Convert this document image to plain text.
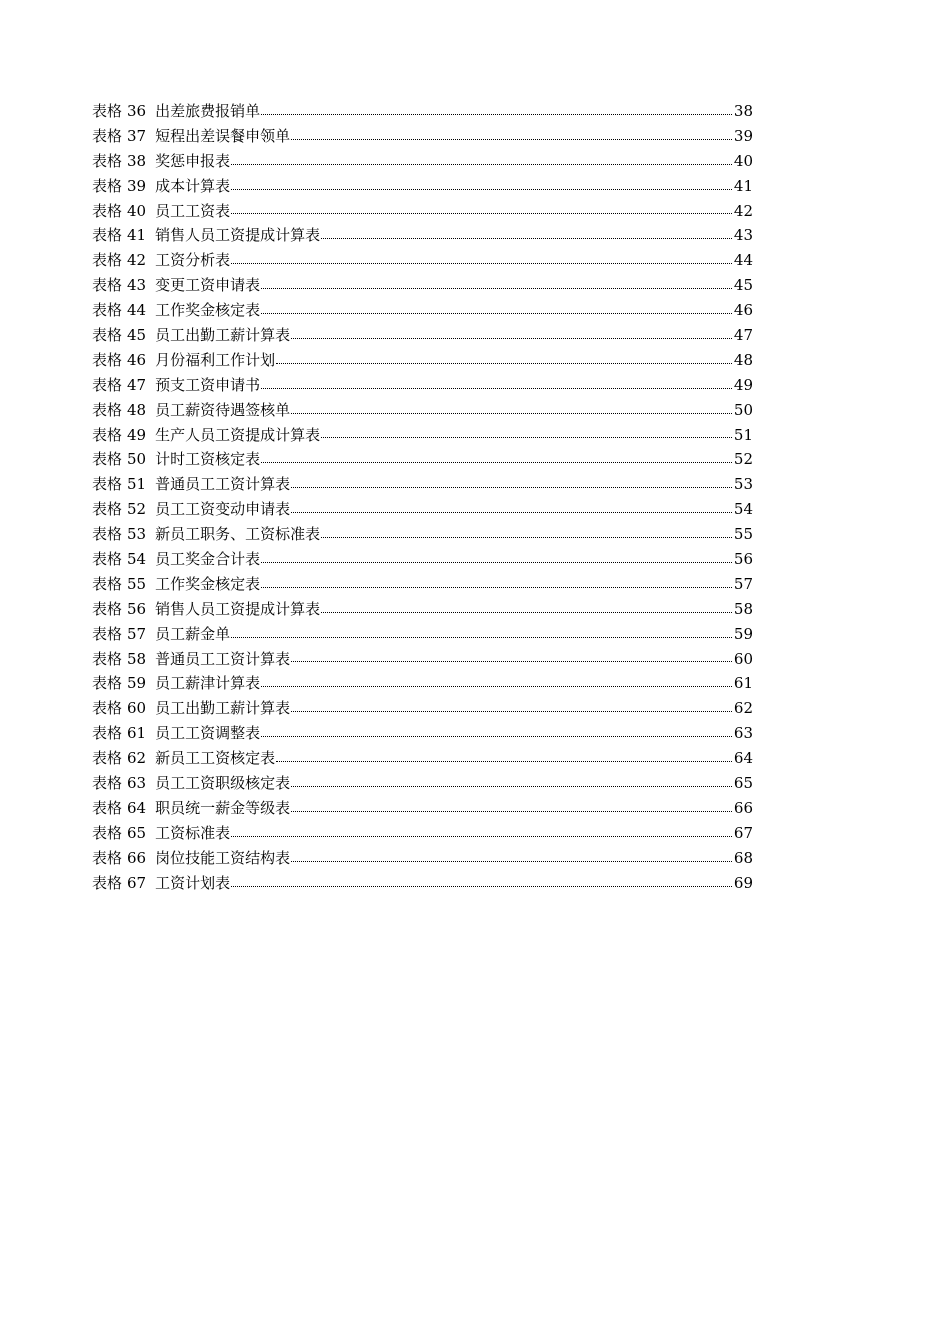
表格 36 出差旅费报销单	38
表格 37 短程出差误餐申领单	39
表格 38 奖惩申报表	40
表格 39 成本计算表	41
表格 40 员工工资表	42
表格 41 销售人员工资提成计算表	43
表格 42 工资分析表	44
表格 43 变更工资申请表	45
表格 44 工作奖金核定表	46
表格 45 员工出勤工薪计算表	47
表格 46 月份福利工作计划	48
表格 47 预支工资申请书	49
表格 48 员工薪资待遇签核单	50
表格 49 生产人员工资提成计算表	51
表格 50 计时工资核定表	52
表格 51 普通员工工资计算表	53
表格 52 员工工资变动申请表	54
表格 53 新员工职务、工资标准表	55
表格 54 员工奖金合计表	56
表格 55 工作奖金核定表	57
表格 56 销售人员工资提成计算表	58
表格 57 员工薪金单	59
表格 58 普通员工工资计算表	60
表格 59 员工薪津计算表	61
表格 60 员工出勤工薪计算表	62
表格 61 员工工资调整表	63
表格 62 新员工工资核定表	64
表格 63 员工工资职级核定表	65
表格 64 职员统一薪金等级表	66
表格 65 工资标准表	67
表格 66 岗位技能工资结构表	68
表格 67 工资计划表	69
